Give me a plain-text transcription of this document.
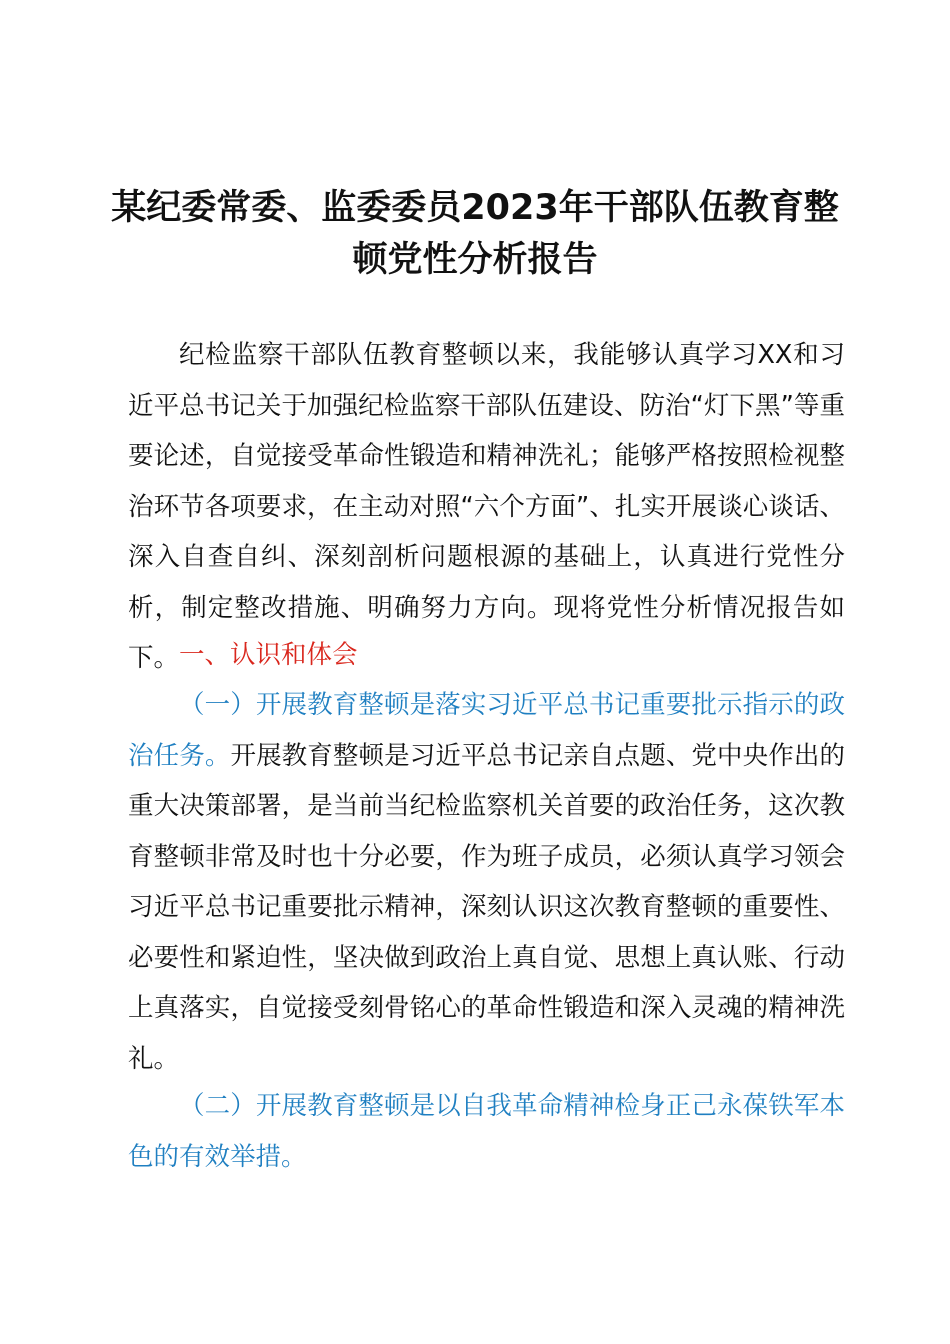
某纪委常委、监委委员2023年干部队伍教育整顿党性分析报告

纪检监察干部队伍教育整顿以来，我能够认真学习XX和习近平总书记关于加强纪检监察干部队伍建设、防治“灯下黑”等重要论述，自觉接受革命性锻造和精神洗礼；能够严格按照检视整治环节各项要求，在主动对照“六个方面”、扎实开展谈心谈话、深入自查自纠、深刻剖析问题根源的基础上，认真进行党性分析，制定整改措施、明确努力方向。现将党性分析情况报告如下。 一、认识和体会

（一）开展教育整顿是落实习近平总书记重要批示指示的政治任务。开展教育整顿是习近平总书记亲自点题、党中央作出的重大决策部署，是当前当纪检监察机关首要的政治任务，这次教育整顿非常及时也十分必要，作为班子成员，必须认真学习领会习近平总书记重要批示精神，深刻认识这次教育整顿的重要性、必要性和紧迫性，坚决做到政治上真自觉、思想上真认账、行动上真落实，自觉接受刻骨铭心的革命性锻造和深入灵魂的精神洗礼。

（二）开展教育整顿是以自我革命精神检身正己永葆铁军本色的有效举措。
